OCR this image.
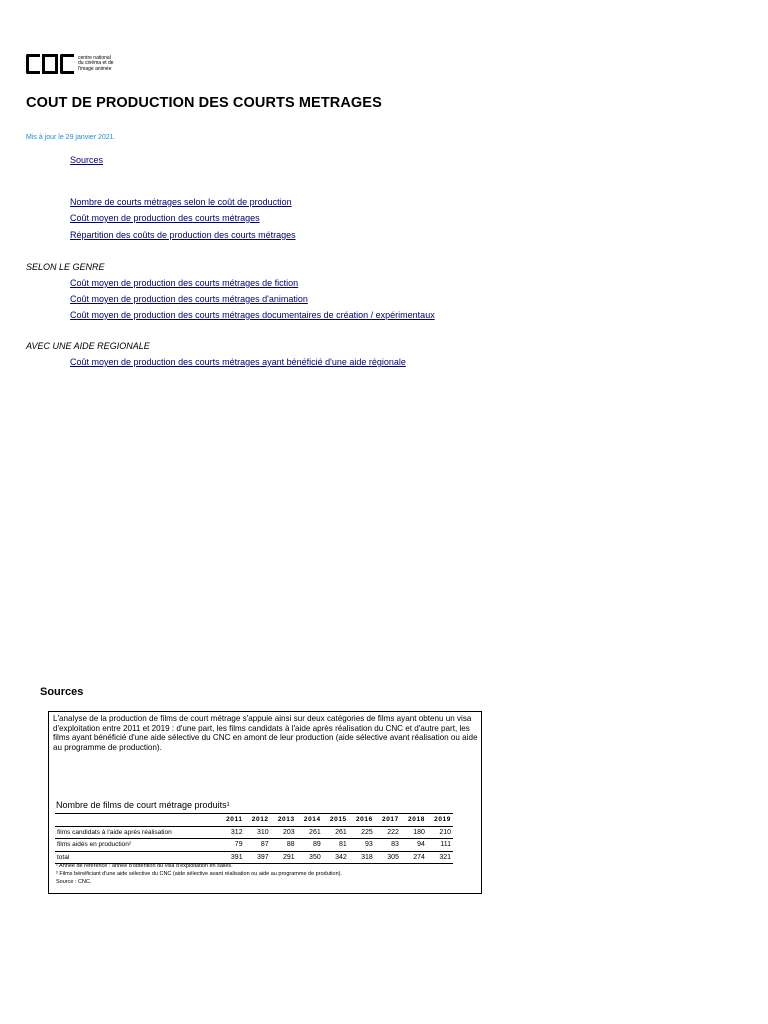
centre national
du cinéma et de
l'image animée
COUT DE PRODUCTION DES COURTS METRAGES
Mis à jour le 29 janvier 2021.
Sources
Nombre de courts métrages selon le coût de production
Coût moyen de production des courts métrages
Répartition des coûts de production des courts métrages
SELON LE GENRE
Coût moyen de production des courts métrages de fiction
Coût moyen de production des courts métrages d'animation
Coût moyen de production des courts métrages documentaires de création / expérimentaux
AVEC UNE AIDE REGIONALE
Coût moyen de production des courts métrages ayant bénéficié d'une aide régionale
Sources
L'analyse de la production de films de court métrage s'appuie ainsi sur deux catégories de films ayant obtenu un visa d'exploitation entre 2011 et 2019 : d'une part, les films candidats à l'aide après réalisation du CNC et d'autre part, les films ayant bénéficié d'une aide sélective du CNC en amont de leur production (aide sélective avant réalisation ou aide au programme de production).
Nombre de films de court métrage produits¹
	2011	2012	2013	2014	2015	2016	2017	2018	2019
films candidats à l'aide après réalisation	312	310	203	261	261	225	222	180	210
films aidés en production²	79	87	88	89	81	93	83	94	111
total	391	397	291	350	342	318	305	274	321
¹ Année de référence : année d'obtention du visa d'exploitation en salles.
² Films bénéficiant d'une aide sélective du CNC (aide sélective avant réalisation ou aide au programme de prodution).
Source : CNC.
